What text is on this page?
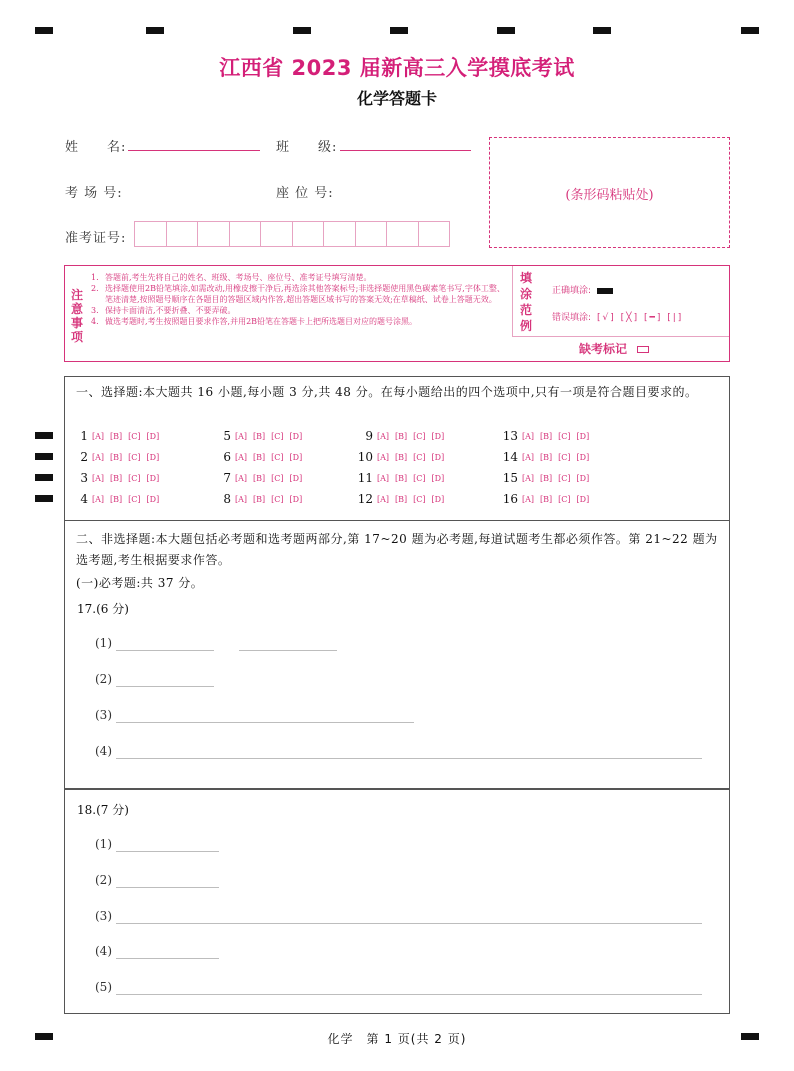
江西省 2023 届新高三入学摸底考试
化学答题卡
姓　　名:	班　　级:
考 场 号:	座 位 号:
准考证号:
(条形码粘贴处)
注意事项
1. 答题前,考生先将自己的姓名、班级、考场号、座位号、准考证号填写清楚。
2. 选择题使用2B铅笔填涂,如需改动,用橡皮擦干净后,再选涂其他答案标号;非选择题使用黑色碳素笔书写,字体工整、笔迹清楚,按照题号顺序在各题目的答题区域内作答,超出答题区域书写的答案无效;在草稿纸、试卷上答题无效。
3. 保持卡面清洁,不要折叠、不要弄破。
4. 做选考题时,考生按照题目要求作答,并用2B铅笔在答题卡上把所选题目对应的题号涂黑。
填涂范例
正确填涂:
错误填涂: [√] [╳] [━] [|]
缺考标记
一、选择题:本大题共 16 小题,每小题 3 分,共 48 分。在每小题给出的四个选项中,只有一项是符合题目要求的。
1 [A] [B] [C] [D]
2 [A] [B] [C] [D]
3 [A] [B] [C] [D]
4 [A] [B] [C] [D]
5 [A] [B] [C] [D]
6 [A] [B] [C] [D]
7 [A] [B] [C] [D]
8 [A] [B] [C] [D]
9 [A] [B] [C] [D]
10 [A] [B] [C] [D]
11 [A] [B] [C] [D]
12 [A] [B] [C] [D]
13 [A] [B] [C] [D]
14 [A] [B] [C] [D]
15 [A] [B] [C] [D]
16 [A] [B] [C] [D]
二、非选择题:本大题包括必考题和选考题两部分,第 17~20 题为必考题,每道试题考生都必须作答。第 21~22 题为选考题,考生根据要求作答。
(一)必考题:共 37 分。
17.(6 分)
(1)
(2)
(3)
(4)
18.(7 分)
(1)
(2)
(3)
(4)
(5)
化学　第 1 页(共 2 页)
